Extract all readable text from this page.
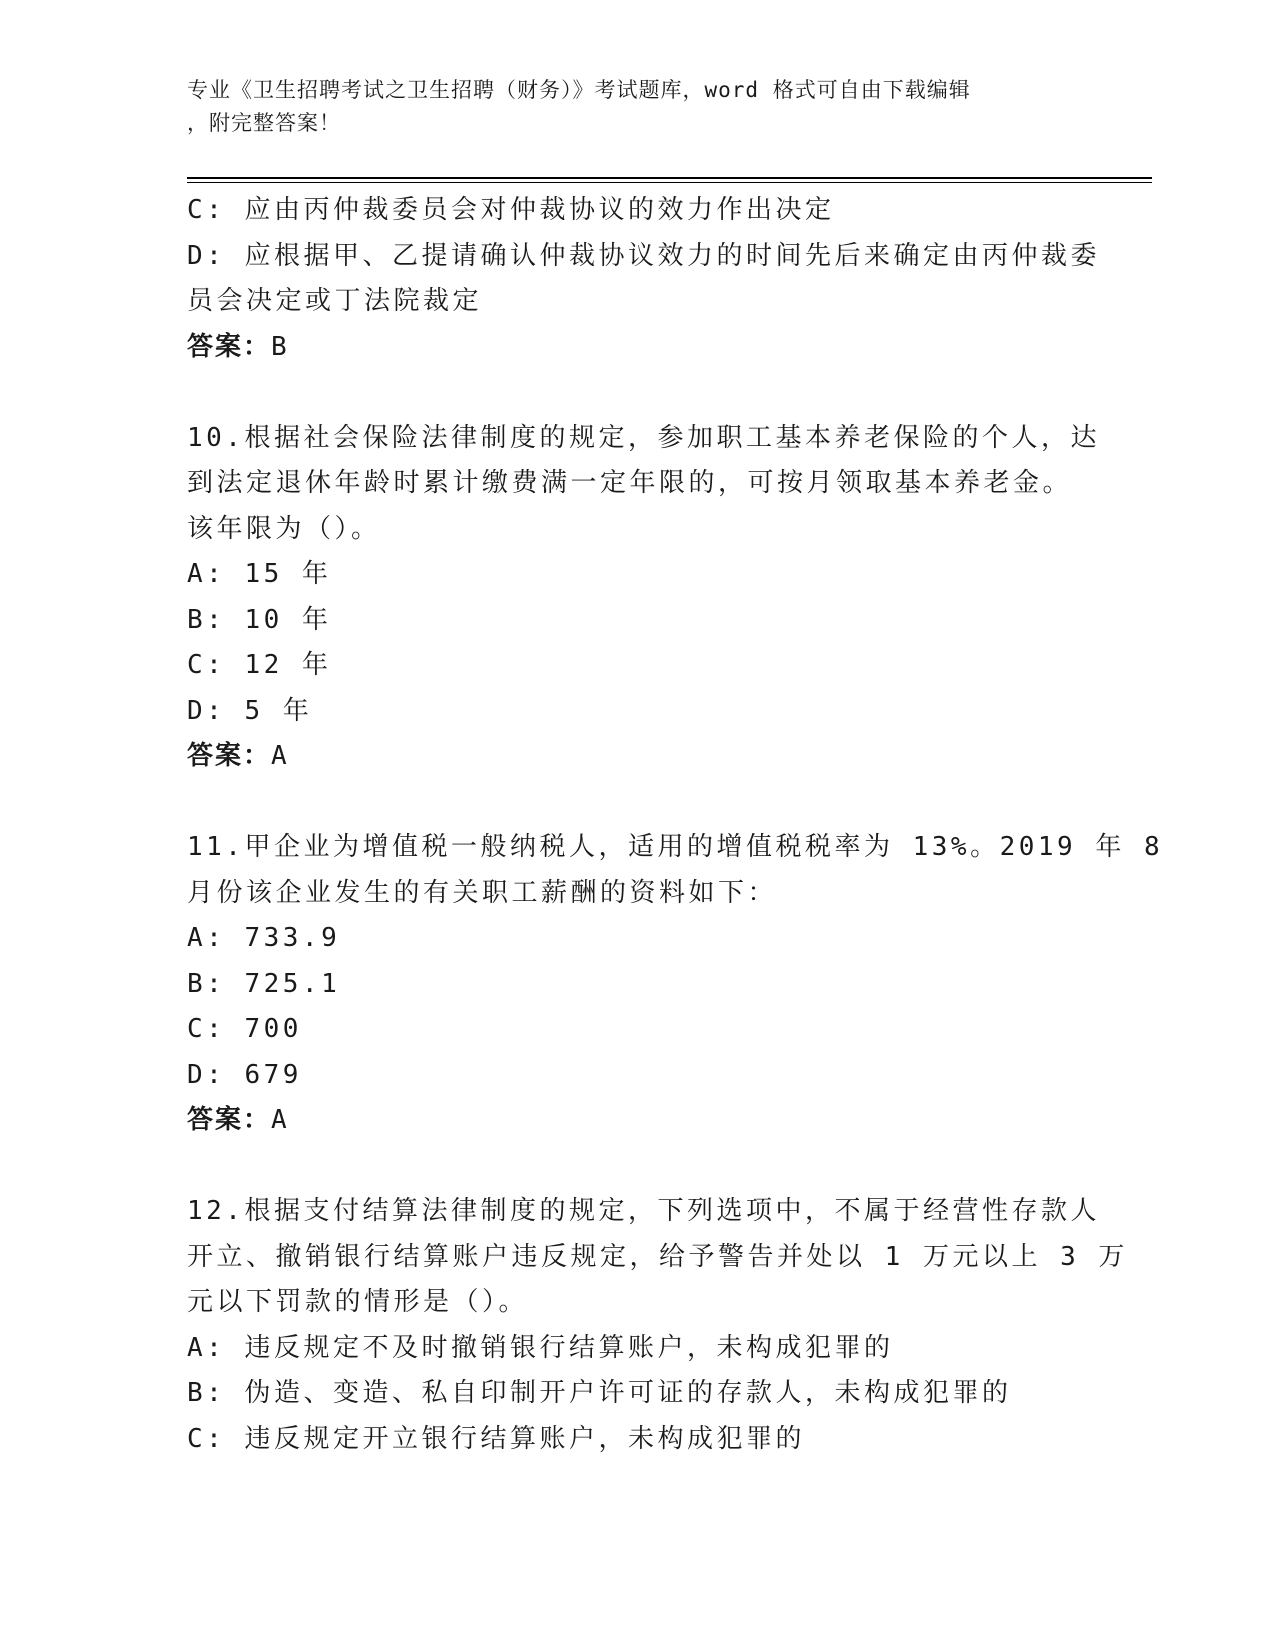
专业《卫生招聘考试之卫生招聘（财务）》考试题库，word 格式可自由下载编辑
，附完整答案！
C: 应由丙仲裁委员会对仲裁协议的效力作出决定
D: 应根据甲、乙提请确认仲裁协议效力的时间先后来确定由丙仲裁委
员会决定或丁法院裁定
答案：B
10.根据社会保险法律制度的规定，参加职工基本养老保险的个人，达
到法定退休年龄时累计缴费满一定年限的，可按月领取基本养老金。
该年限为（）。
A: 15 年
B: 10 年
C: 12 年
D: 5 年
答案：A
11.甲企业为增值税一般纳税人，适用的增值税税率为 13%。2019 年 8
月份该企业发生的有关职工薪酬的资料如下：
A: 733.9
B: 725.1
C: 700
D: 679
答案：A
12.根据支付结算法律制度的规定，下列选项中，不属于经营性存款人
开立、撤销银行结算账户违反规定，给予警告并处以 1 万元以上 3 万
元以下罚款的情形是（）。
A: 违反规定不及时撤销银行结算账户，未构成犯罪的
B: 伪造、变造、私自印制开户许可证的存款人，未构成犯罪的
C: 违反规定开立银行结算账户，未构成犯罪的
